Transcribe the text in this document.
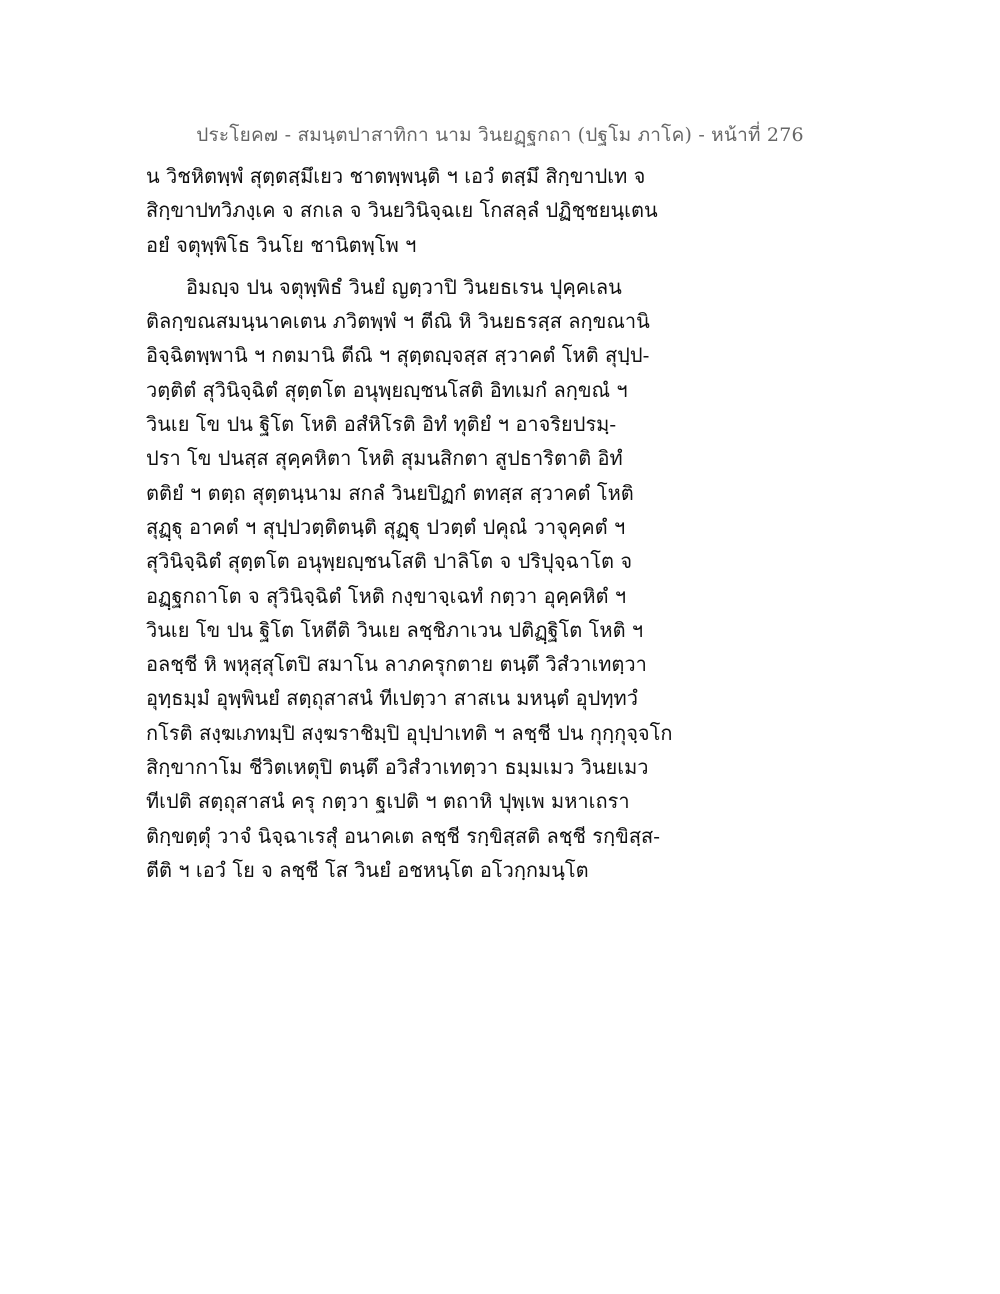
ประโยค๗ - สมนฺตปาสาทิกา นาม วินยฏฺฐกถา (ปฐโม ภาโค) - หน้าที่ 276
น วิชหิตพฺพํ สุตฺตสฺมึเยว ชาตพฺพนฺติ ฯ เอวํ ตสฺมึ สิกฺขาปเท จ
สิกฺขาปทวิภงฺเค จ สกเล จ วินยวินิจฺฉเย โกสลฺลํ ปฏิชฺชยนฺเตน
อยํ จตุพฺพิโธ วินโย ชานิตพฺโพ ฯ
อิมญฺจ ปน จตุพฺพิธํ วินยํ ญตฺวาปิ วินยธเรน ปุคฺคเลน
ติลกฺขณสมนฺนาคเตน ภวิตพฺพํ ฯ ตีณิ หิ วินยธรสฺส ลกฺขณานิ
อิจฺฉิตพฺพานิ ฯ กตมานิ ตีณิ ฯ สุตฺตญฺจสฺส สฺวาคตํ โหติ สุปฺป-
วตฺติตํ สุวินิจฺฉิตํ สุตฺตโต อนุพฺยญฺชนโสติ อิทเมกํ ลกฺขณํ ฯ
วินเย โข ปน ฐิโต โหติ อสํหิโรติ อิทํ ทุติยํ ฯ อาจริยปรมฺ-
ปรา โข ปนสฺส สุคฺคหิตา โหติ สุมนสิกตา สูปธาริตาติ อิทํ
ตติยํ ฯ ตตฺถ สุตฺตนฺนาม สกลํ วินยปิฏกํ ตทสฺส สฺวาคตํ โหติ
สุฏฺฐุ อาคตํ ฯ สุปฺปวตฺติตนฺติ สุฏฺฐุ ปวตฺตํ ปคุณํ วาจุคฺคตํ ฯ
สุวินิจฺฉิตํ สุตฺตโต อนุพฺยญฺชนโสติ ปาลิโต จ ปริปุจฺฉาโต จ
อฏฺฐกถาโต จ สุวินิจฺฉิตํ โหติ กงฺขาจฺเฉทํ กตฺวา อุคฺคหิตํ ฯ
วินเย โข ปน ฐิโต โหตีติ วินเย ลชฺชิภาเวน ปติฏฺฐิโต โหติ ฯ
อลชฺชี หิ พหุสฺสุโตปิ สมาโน ลาภครุกตาย ตนฺตึ วิสํวาเทตฺวา
อุทฺธมฺมํ อุพฺพินยํ สตฺถุสาสนํ ทีเปตฺวา สาสเน มหนฺตํ อุปทฺทวํ
กโรติ สงฺฆเภทมฺปิ สงฺฆราชิมฺปิ อุปฺปาเทติ ฯ ลชฺชี ปน กุกฺกุจฺจโก
สิกฺขากาโม ชีวิตเหตุปิ ตนฺตึ อวิสํวาเทตฺวา ธมฺมเมว วินยเมว
ทีเปติ สตฺถุสาสนํ ครุ กตฺวา ฐเปติ ฯ ตถาหิ ปุพฺเพ มหาเถรา
ติกฺขตฺตุํ วาจํ นิจฺฉาเรสุํ อนาคเต ลชฺชี รกฺขิสฺสติ ลชฺชี รกฺขิสฺส-
ตีติ ฯ เอวํ โย จ ลชฺชี โส วินยํ อชหนฺโต อโวกฺกมนฺโต
